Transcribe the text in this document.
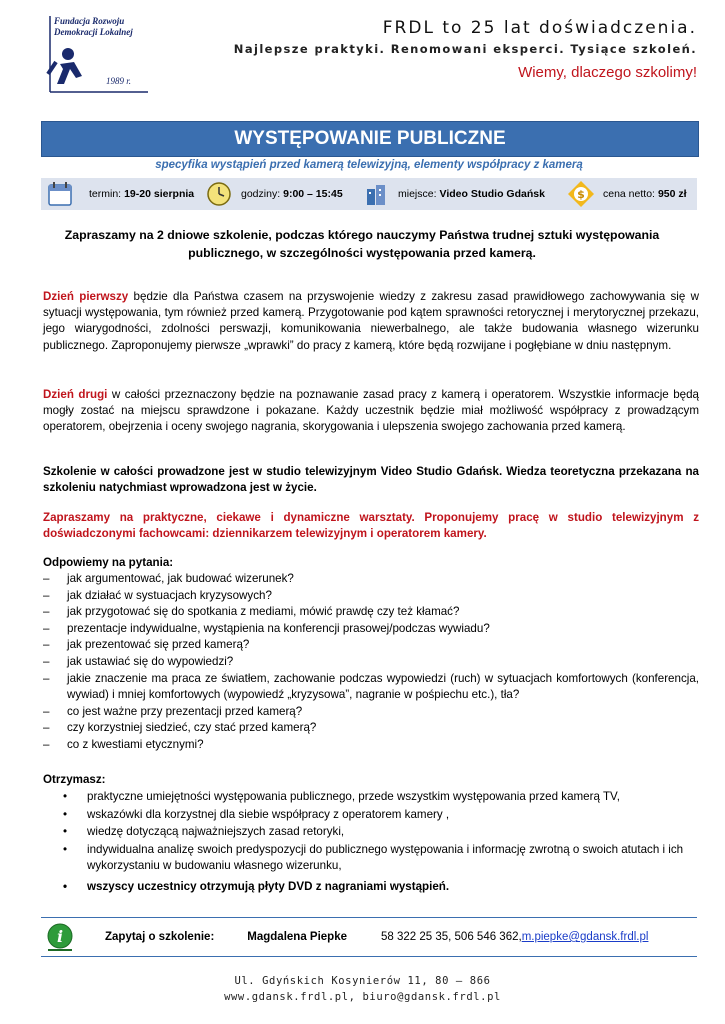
Fundacja Rozwoju
Demokracji Lokalnej
1989 r.
FRDL to 25 lat doświadczenia.
Najlepsze praktyki. Renomowani eksperci. Tysiące szkoleń.
Wiemy, dlaczego szkolimy!
WYSTĘPOWANIE PUBLICZNE
specyfika wystąpień przed kamerą telewizyjną, elementy współpracy z kamerą
termin: 19-20 sierpnia	godziny: 9:00 – 15:45	miejsce: Video Studio Gdańsk	$ cena netto: 950 zł
Zapraszamy na 2 dniowe szkolenie, podczas którego nauczymy Państwa trudnej sztuki występowania publicznego, w szczególności występowania przed kamerą.
Dzień pierwszy będzie dla Państwa czasem na przyswojenie wiedzy z zakresu zasad prawidłowego zachowywania się w sytuacji występowania, tym również przed kamerą. Przygotowanie pod kątem sprawności retorycznej i merytorycznej przekazu, jego wiarygodności, zdolności perswazji, komunikowania niewerbalnego, ale także budowania własnego wizerunku publicznego. Zaproponujemy pierwsze „wprawki” do pracy z kamerą, które będą rozwijane i pogłębiane w dniu następnym.
Dzień drugi w całości przeznaczony będzie na poznawanie zasad pracy z kamerą i operatorem. Wszystkie informacje będą mogły zostać na miejscu sprawdzone i pokazane. Każdy uczestnik będzie miał możliwość współpracy z prowadzącym operatorem, obejrzenia i oceny swojego nagrania, skorygowania i ulepszenia swojego zachowania przed kamerą.
Szkolenie w całości prowadzone jest w studio telewizyjnym Video Studio Gdańsk. Wiedza teoretyczna przekazana na szkoleniu natychmiast wprowadzona jest w życie.
Zapraszamy na praktyczne, ciekawe i dynamiczne warsztaty. Proponujemy pracę w studio telewizyjnym z doświadczonymi fachowcami: dziennikarzem telewizyjnym i operatorem kamery.
Odpowiemy na pytania:
– jak argumentować, jak budować wizerunek?
– jak działać w systuacjach kryzysowych?
– jak przygotować się do spotkania z mediami, mówić prawdę czy też kłamać?
– prezentacje indywidualne, wystąpienia na konferencji prasowej/podczas wywiadu?
– jak prezentować się przed kamerą?
– jak ustawiać się do wypowiedzi?
– jakie znaczenie ma praca ze światłem, zachowanie podczas wypowiedzi (ruch) w sytuacjach komfortowych (konferencja, wywiad) i mniej komfortowych (wypowiedź „kryzysowa”, nagranie w pośpiechu etc.), tła?
– co jest ważne przy prezentacji przed kamerą?
– czy korzystniej siedzieć, czy stać przed kamerą?
– co z kwestiami etycznymi?
Otrzymasz:
• praktyczne umiejętności występowania publicznego, przede wszystkim występowania przed kamerą TV,
• wskazówki dla korzystnej dla siebie współpracy z operatorem kamery ,
• wiedzę dotyczącą najważniejszych zasad retoryki,
• indywidualna analizę swoich predyspozycji do publicznego występowania i informację zwrotną o swoich atutach i ich wykorzystaniu w budowaniu własnego wizerunku,
• wszyscy uczestnicy otrzymują płyty DVD z nagraniami wystąpień.
i	Zapytaj o szkolenie:	Magdalena Piepke	58 322 25 35, 506 546 362, m.piepke@gdansk.frdl.pl
Ul. Gdyńskich Kosynierów 11, 80 – 866
www.gdansk.frdl.pl, biuro@gdansk.frdl.pl
